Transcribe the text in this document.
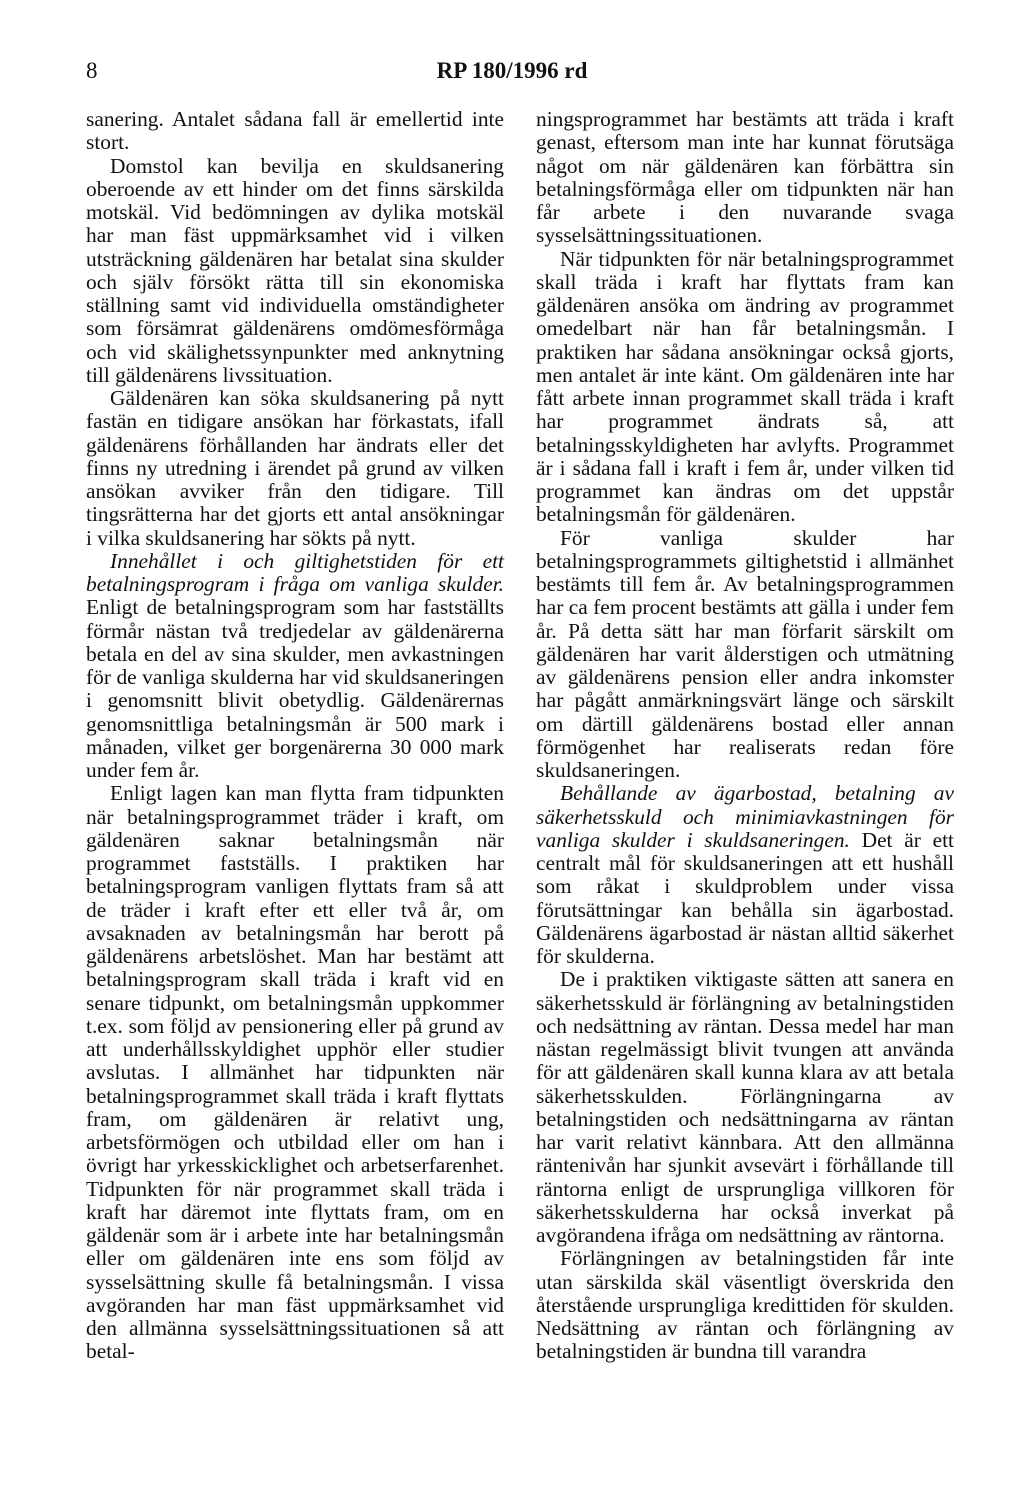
8	RP 180/1996 rd

sanering. Antalet sådana fall är emellertid inte stort.

Domstol kan bevilja en skuldsanering oberoende av ett hinder om det finns särskilda motskäl. Vid bedömningen av dylika motskäl har man fäst uppmärksamhet vid i vilken utsträckning gäldenären har betalat sina skulder och själv försökt rätta till sin ekonomiska ställning samt vid individuella omständigheter som försämrat gäldenärens omdömesförmåga och vid skälighetssynpunkter med anknytning till gäldenärens livssituation.

Gäldenären kan söka skuldsanering på nytt fastän en tidigare ansökan har förkastats, ifall gäldenärens förhållanden har ändrats eller det finns ny utredning i ärendet på grund av vilken ansökan avviker från den tidigare. Till tingsrätterna har det gjorts ett antal ansökningar i vilka skuldsanering har sökts på nytt.

Innehållet i och giltighetstiden för ett betalningsprogram i fråga om vanliga skulder. Enligt de betalningsprogram som har fastställts förmår nästan två tredjedelar av gäldenärerna betala en del av sina skulder, men avkastningen för de vanliga skulderna har vid skuldsaneringen i genomsnitt blivit obetydlig. Gäldenärernas genomsnittliga betalningsmån är 500 mark i månaden, vilket ger borgenärerna 30 000 mark under fem år.

Enligt lagen kan man flytta fram tidpunkten när betalningsprogrammet träder i kraft, om gäldenären saknar betalningsmån när programmet fastställs. I praktiken har betalningsprogram vanligen flyttats fram så att de träder i kraft efter ett eller två år, om avsaknaden av betalningsmån har berott på gäldenärens arbetslöshet. Man har bestämt att betalningsprogram skall träda i kraft vid en senare tidpunkt, om betalningsmån uppkommer t.ex. som följd av pensionering eller på grund av att underhållsskyldighet upphör eller studier avslutas. I allmänhet har tidpunkten när betalningsprogrammet skall träda i kraft flyttats fram, om gäldenären är relativt ung, arbetsförmögen och utbildad eller om han i övrigt har yrkesskicklighet och arbetserfarenhet. Tidpunkten för när programmet skall träda i kraft har däremot inte flyttats fram, om en gäldenär som är i arbete inte har betalningsmån eller om gäldenären inte ens som följd av sysselsättning skulle få betalningsmån. I vissa avgöranden har man fäst uppmärksamhet vid den allmänna sysselsättningssituationen så att betal-

ningsprogrammet har bestämts att träda i kraft genast, eftersom man inte har kunnat förutsäga något om när gäldenären kan förbättra sin betalningsförmåga eller om tidpunkten när han får arbete i den nuvarande svaga sysselsättningssituationen.

När tidpunkten för när betalningsprogrammet skall träda i kraft har flyttats fram kan gäldenären ansöka om ändring av programmet omedelbart när han får betalningsmån. I praktiken har sådana ansökningar också gjorts, men antalet är inte känt. Om gäldenären inte har fått arbete innan programmet skall träda i kraft har programmet ändrats så, att betalningsskyldigheten har avlyfts. Programmet är i sådana fall i kraft i fem år, under vilken tid programmet kan ändras om det uppstår betalningsmån för gäldenären.

För vanliga skulder har betalningsprogrammets giltighetstid i allmänhet bestämts till fem år. Av betalningsprogrammen har ca fem procent bestämts att gälla i under fem år. På detta sätt har man förfarit särskilt om gäldenären har varit ålderstigen och utmätning av gäldenärens pension eller andra inkomster har pågått anmärkningsvärt länge och särskilt om därtill gäldenärens bostad eller annan förmögenhet har realiserats redan före skuldsaneringen.

Behållande av ägarbostad, betalning av säkerhetsskuld och minimiavkastningen för vanliga skulder i skuldsaneringen. Det är ett centralt mål för skuldsaneringen att ett hushåll som råkat i skuldproblem under vissa förutsättningar kan behålla sin ägarbostad. Gäldenärens ägarbostad är nästan alltid säkerhet för skulderna.

De i praktiken viktigaste sätten att sanera en säkerhetsskuld är förlängning av betalningstiden och nedsättning av räntan. Dessa medel har man nästan regelmässigt blivit tvungen att använda för att gäldenären skall kunna klara av att betala säkerhetsskulden. Förlängningarna av betalningstiden och nedsättningarna av räntan har varit relativt kännbara. Att den allmänna räntenivån har sjunkit avsevärt i förhållande till räntorna enligt de ursprungliga villkoren för säkerhetsskulderna har också inverkat på avgörandena ifråga om nedsättning av räntorna.

Förlängningen av betalningstiden får inte utan särskilda skäl väsentligt överskrida den återstående ursprungliga kredittiden för skulden. Nedsättning av räntan och förlängning av betalningstiden är bundna till varandra
